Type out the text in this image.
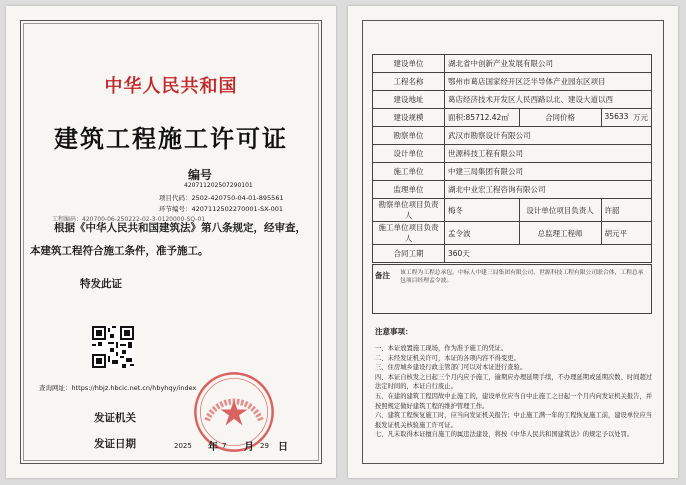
中华人民共和国
建筑工程施工许可证
编号
420711202507290101
项目代码：2502-420750-04-01-895561
环节编号：42071125022700​01-SX-001
工程编码：420700-06-250222-02-3-0120000-SQ-01
根据《中华人民共和国建筑法》第八条规定，经审查，
本建筑工程符合施工条件，准予施工。
特发此证
查询网址：https://hbjz.hbcic.net.cn/hbyhqy/index
发证机关
发证日期	2025 年 7 月 29 日
建设单位	湖北省中创新产业发展有限公司		
工程名称	鄂州市葛店国家经开区泛半导体产业园东区项目		
建设地址	葛店经济技术开发区人民西路以北、建设大道以西		
建设规模	面积:85712.42㎡	合同价格	35633 万元

勘察单位	武汉市勘察设计有限公司		
设计单位	世源科技工程有限公司		
施工单位	中建三局集团有限公司		
监理单位	湖北中业宏工程咨询有限公司		
勘察单位项目负责人	梅冬	设计单位项目负责人	许韶
施工单位项目负责人	孟令波	总监理工程师	胡元平
合同工期	360天		
备注 该工程为工程总承包。中标人中建三局集团有限公司、世源科技工程有限公司联合体，工程总承包项目经理孟令波。
注意事项：
一、本证放置施工现场，作为准予施工的凭证。
二、未经发证机关许可，本证的各项内容不得变更。
三、住房城乡建设行政主管部门可以对本证进行查验。
四、本证自核发之日起三个月内应予施工，逾期应办理延期手续，不办理延期或延期次数、时间超过法定时间的，本证自行废止。
五、在建的建筑工程因故中止施工的，建设单位应当自中止施工之日起一个月内向发证机关报告，并按照规定做好建筑工程的维护管理工作。
六、建筑工程恢复施工时，应当向发证机关报告；中止施工满一年的工程恢复施工前，建设单位应当报发证机关核验施工许可证。
七、凡未取得本证擅自施工的属违法建设，将按《中华人民共和国建筑法》的规定予以处罚。
